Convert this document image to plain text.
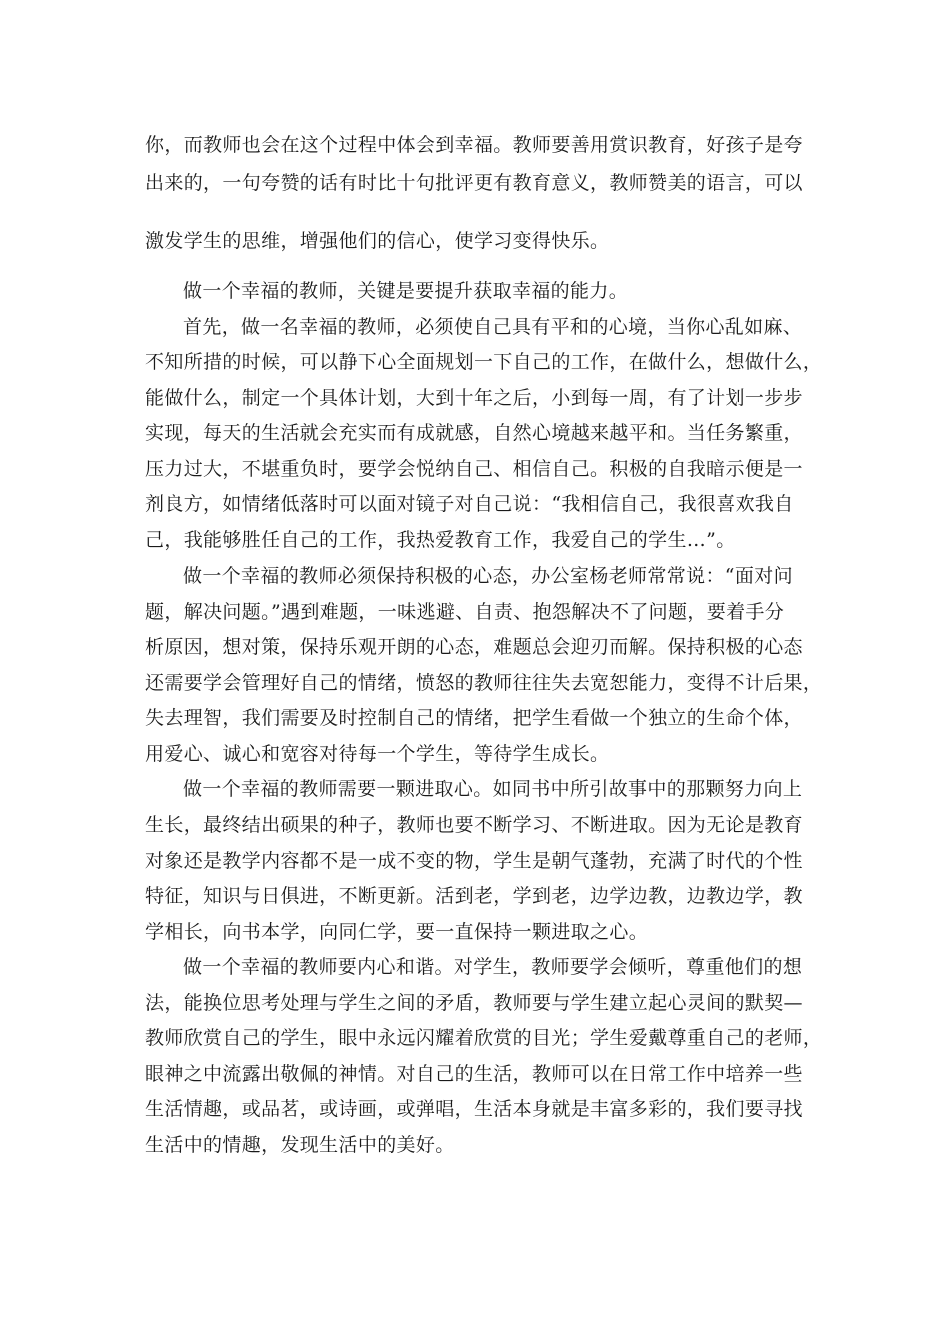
你，而教师也会在这个过程中体会到幸福。教师要善用赏识教育，好孩子是夸
出来的，一句夸赞的话有时比十句批评更有教育意义，教师赞美的语言，可以
激发学生的思维，增强他们的信心，使学习变得快乐。
做一个幸福的教师，关键是要提升获取幸福的能力。
首先，做一名幸福的教师，必须使自己具有平和的心境，当你心乱如麻、
不知所措的时候，可以静下心全面规划一下自己的工作，在做什么，想做什么，
能做什么，制定一个具体计划，大到十年之后，小到每一周，有了计划一步步
实现，每天的生活就会充实而有成就感，自然心境越来越平和。当任务繁重，
压力过大，不堪重负时，要学会悦纳自己、相信自己。积极的自我暗示便是一
剂良方，如情绪低落时可以面对镜子对自己说：“我相信自己，我很喜欢我自
己，我能够胜任自己的工作，我热爱教育工作，我爱自己的学生…”。
做一个幸福的教师必须保持积极的心态，办公室杨老师常常说：“面对问
题，解决问题。”遇到难题，一味逃避、自责、抱怨解决不了问题，要着手分
析原因，想对策，保持乐观开朗的心态，难题总会迎刃而解。保持积极的心态
还需要学会管理好自己的情绪，愤怒的教师往往失去宽恕能力，变得不计后果，
失去理智，我们需要及时控制自己的情绪，把学生看做一个独立的生命个体，
用爱心、诚心和宽容对待每一个学生，等待学生成长。
做一个幸福的教师需要一颗进取心。如同书中所引故事中的那颗努力向上
生长，最终结出硕果的种子，教师也要不断学习、不断进取。因为无论是教育
对象还是教学内容都不是一成不变的物，学生是朝气蓬勃，充满了时代的个性
特征，知识与日俱进，不断更新。活到老，学到老，边学边教，边教边学，教
学相长，向书本学，向同仁学，要一直保持一颗进取之心。
做一个幸福的教师要内心和谐。对学生，教师要学会倾听，尊重他们的想
法，能换位思考处理与学生之间的矛盾，教师要与学生建立起心灵间的默契—
教师欣赏自己的学生，眼中永远闪耀着欣赏的目光；学生爱戴尊重自己的老师，
眼神之中流露出敬佩的神情。对自己的生活，教师可以在日常工作中培养一些
生活情趣，或品茗，或诗画，或弹唱，生活本身就是丰富多彩的，我们要寻找
生活中的情趣，发现生活中的美好。
